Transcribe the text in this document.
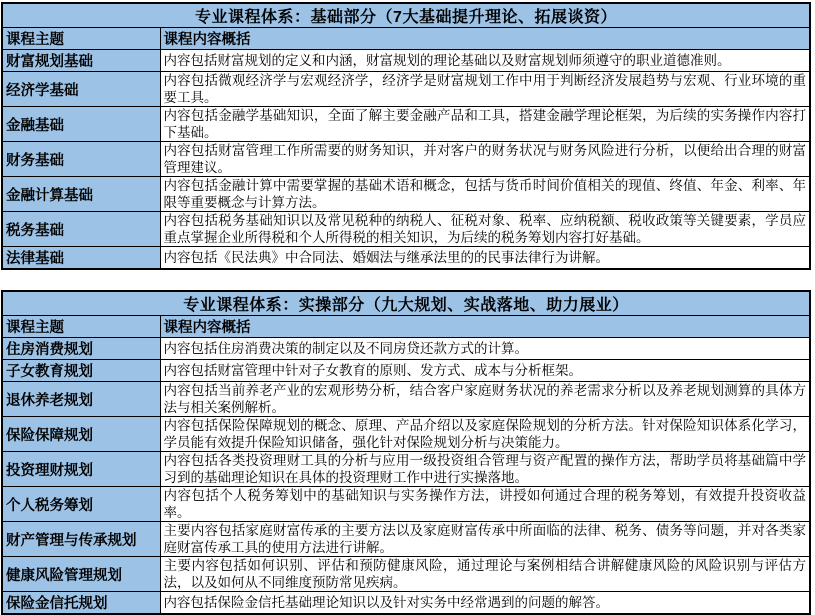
专业课程体系：基础部分（7大基础提升理论、拓展谈资）	
课程主题	课程内容概括
财富规划基础	内容包括财富规划的定义和内涵，财富规划的理论基础以及财富规划师须遵守的职业道德准则。
经济学基础	内容包括微观经济学与宏观经济学，经济学是财富规划工作中用于判断经济发展趋势与宏观、行业环境的重要工具。
金融基础	内容包括金融学基础知识，全面了解主要金融产品和工具，搭建金融学理论框架，为后续的实务操作内容打下基础。
财务基础	内容包括财富管理工作所需要的财务知识，并对客户的财务状况与财务风险进行分析，以便给出合理的财富管理建议。
金融计算基础	内容包括金融计算中需要掌握的基础术语和概念，包括与货币时间价值相关的现值、终值、年金、利率、年限等重要概念与计算方法。
税务基础	内容包括税务基础知识以及常见税种的纳税人、征税对象、税率、应纳税额、税收政策等关键要素，学员应重点掌握企业所得税和个人所得税的相关知识，为后续的税务筹划内容打好基础。
法律基础	内容包括《民法典》中合同法、婚姻法与继承法里的的民事法律行为讲解。
专业课程体系：实操部分（九大规划、实战落地、助力展业）	
课程主题	课程内容概括
住房消费规划	内容包括住房消费决策的制定以及不同房贷还款方式的计算。
子女教育规划	内容包括财富管理中针对子女教育的原则、发方式、成本与分析框架。
退休养老规划	内容包括当前养老产业的宏观形势分析，结合客户家庭财务状况的养老需求分析以及养老规划测算的具体方法与相关案例解析。
保险保障规划	内容包括保险保障规划的概念、原理、产品介绍以及家庭保险规划的分析方法。针对保险知识体系化学习，学员能有效提升保险知识储备，强化针对保险规划分析与决策能力。
投资理财规划	内容包括各类投资理财工具的分析与应用一级投资组合管理与资产配置的操作方法，帮助学员将基础篇中学习到的基础理论知识在具体的投资理财工作中进行实操落地。
个人税务筹划	内容包括个人税务筹划中的基础知识与实务操作方法，讲授如何通过合理的税务筹划，有效提升投资收益率。
财产管理与传承规划	主要内容包括家庭财富传承的主要方法以及家庭财富传承中所面临的法律、税务、债务等问题，并对各类家庭财富传承工具的使用方法进行讲解。
健康风险管理规划	主要内容包括如何识别、评估和预防健康风险，通过理论与案例相结合讲解健康风险的风险识别与评估方法，以及如何从不同维度预防常见疾病。
保险金信托规划	内容包括保险金信托基础理论知识以及针对实务中经常遇到的问题的解答。
